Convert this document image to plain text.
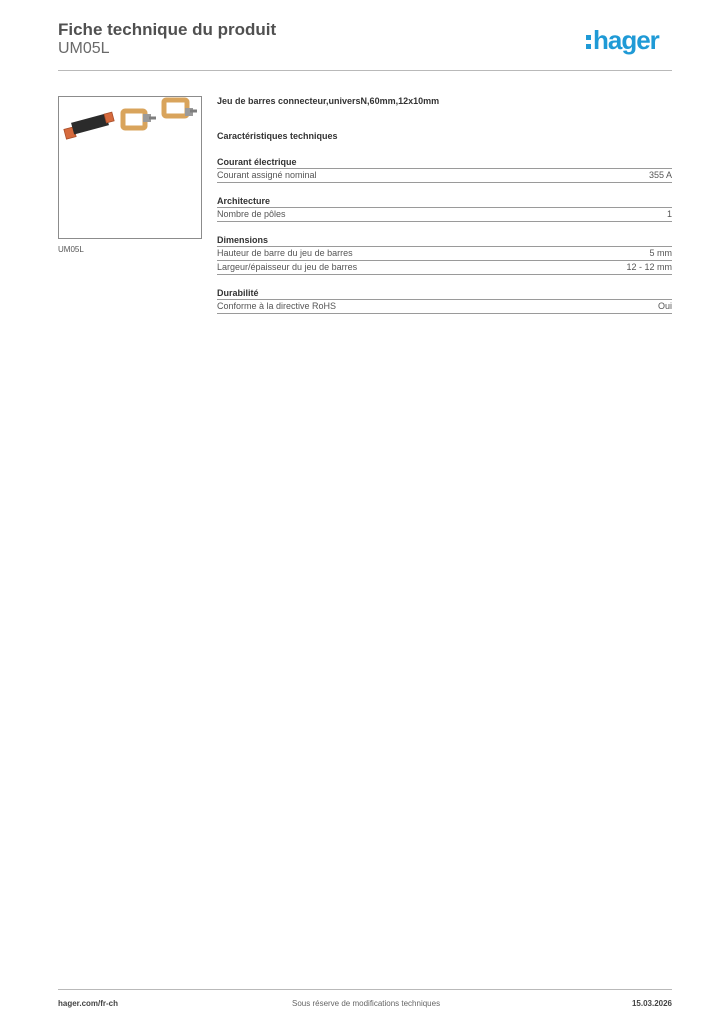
Fiche technique du produit
UM05L	hager
UM05L
Jeu de barres connecteur,universN,60mm,12x10mm
Caractéristiques techniques
Courant électrique
Courant assigné nominal	355 A
Architecture
Nombre de pôles	1
Dimensions
Hauteur de barre du jeu de barres	5 mm
Largeur/épaisseur du jeu de barres	12 - 12 mm
Durabilité
Conforme à la directive RoHS	Oui
hager.com/fr-ch	Sous réserve de modifications techniques	15.03.2026
